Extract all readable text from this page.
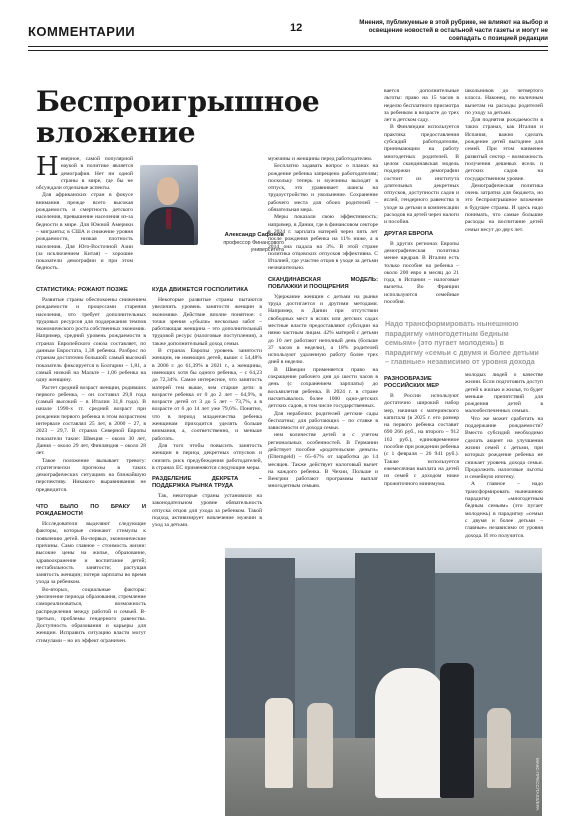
КОММЕНТАРИИ	12	Мнения, публикуемые в этой рубрике, не влияют на выбор и освещение новостей в остальной части газеты и могут не совпадать с позицией редакции
Беспроигрышное вложение
Н еверное, самой популярной наукой в политике является демография. Нет ни одной страны в мире, где бы не обсуждали отдельные аспекты.

Для африканских стран в фокусе внимания прежде всего высокая рождаемость и смертность детского населения, превышение населения из-за бедности в мире. Для Южной Америки – мигранты; в США и снижение уровня рождаемости, низкая плотность населения. Для Юго-Восточной Азии (за исключением Китая) – хорошие показатели демографии и при этом бедность.

Александр Сафонов
профессор Финансового университета
СТАТИСТИКА: РОЖАЮТ ПОЗЖЕ

Развитые страны обеспокоены снижением рождаемости и процессами старения населения, что требует дополнительных трудовых ресурсов для поддержания темпов экономического роста собственных экономик. Например, средний уровень рождаемости в странах Европейского союза составляет, по данным Евростата, 1,38 ребенка. Разброс по странам достаточно большой: самый высокий показатель фиксируется в Болгарии – 1,81, а самый низкий на Мальте – 1,06 ребенка на одну женщину.

Растет средний возраст женщин, родивших первого ребенка, – он составил 29,8 года (самый высокий – в Италии 31,8 года). В начале 1990-х гг. средний возраст при рождении первого ребенка в этом возрастном интервале составлял 25 лет, в 2000 – 27, в 2023 – 29,7. В странах Северной Европы показатели такие: Швеция – около 30 лет, Дания – около 29 лет, Финляндия – около 28 лет.

Такое положение вызывает тревогу: стратегически прогнозы в таких демографических ситуациях на ближайшую перспективу. Никакого выравнивания не предвидится.

ЧТО БЫЛО ПО БРАКУ И РОЖДАЕМОСТИ

Исследователи выделяют следующие факторы, которые снижают стимулы к появлению детей. Во-первых, экономические причины. Само главное – стоимость жизни: высокие цены на жилье, образование, здравоохранение и воспитание детей; нестабильность занятости; растущая занятость женщин; потеря зарплаты во время ухода за ребенком.

Во-вторых, социальные факторы: увеличение периода образования, стремление самореализоваться, возможность распределения между работой и семьей. В-третьих, проблемы гендерного равенства. Доступность образования и карьеры для женщин. Исправить ситуацию власти могут стимулами – но их эффект ограничен.

КУДА ДВИЖЕТСЯ ГОСПОЛИТИКА

Некоторые развитые страны пытаются увеличить уровень занятости женщин в экономике. Действие вполне понятное: с точки зрения «убыли» несколько забот – работающая женщина – это дополнительный трудовой ресурс (налоговые поступления), а также дополнительный доход семьи.

В странах Европы уровень занятости женщин, не имеющих детей, выше: с 54,48% в 2006 г. до 61,39% в 2021 г., а женщины, имеющих хотя бы одного ребенка, – с 64,23 до 72,34%. Самое интересное, что занятость матерей тем выше, чем старше дети: в возрасте ребенка от 0 до 2 лет – 64,9%, в возрасте детей от 3 до 5 лет – 73,7%, а в возрасте от 6 до 14 лет уже 79,6%. Понятно, что в период младенчества ребенка женщинам приходится уделять больше внимания, а, соответственно, и меньше работать.

Для того чтобы повысить занятость женщин в период декретных отпусков и снизить риск предубеждения работодателей, в странах ЕС применяются следующие меры.

РАЗДЕЛЕНИЕ ДЕКРЕТА – ПОДДЕРЖКА РЫНКА ТРУДА

Так, некоторые страны установили на законодательном уровне обязательность отпуска отцов для ухода за ребенком. Такой подход активизирует вовлечение мужчин в уход за детьми.

мужчины и женщины перед работодателем.

Бесплатно задавать вопрос о планах на рождение ребенка запрещено работодателям; поскольку теперь и мужчины выходят в отпуск, это уравнивает шансы на трудоустройство и увольнение. Сохранение рабочего места для обоих родителей – обязательная мера.

Меры показали свою эффективность: например, в Дании, где в финансовом секторе в 2024 г. зарплата матерей через пять лет после рождения ребенка на 11% ниже, а в 2014 она падала на 3%. В этой стране политика отцовских отпусков эффективна. С Италией, где участие отцов в уходе за детьми незначительно.

СКАНДИНАВСКАЯ МОДЕЛЬ: ПОБЛАЖКИ И ПООЩРЕНИЯ

Удержание женщин с детьми на рынке труда достигается и другими методами. Например, в Дании при отсутствии свободных мест в яслях или детских садах местные власти предоставляют субсидии на няню частным лицам. 42% матерей с детьми до 10 лет работают неполный день (больше 37 часов в неделю), а 18% родителей используют удаленную работу более трех дней в неделю.

В Швеции применяется право на сокращение рабочего дня до шести часов в день (с сохранением зарплаты) до восьмилетия ребенка. В 2024 г. в стране насчитывалось более 1000 одно-детских детских садов, в том числе государственных.

Для нерабочих родителей детские сады бесплатны; для работающих – по ставке в зависимости от дохода семьи.

нем количестве детей и с учетом региональных особенностей. В Германии действует пособие «родительские деньги» (Elterngeld) – 65–67% от заработка до 14 месяцев. Также действует налоговый вычет на каждого ребенка. В Чехии, Польше и Венгрии работают программы выплат многодетным семьям.

вается дополнительные льготы: право на 15 часов в неделю бесплатного присмотра за ребенком в возрасте до трех лет в детском саду.

В Финляндии используется практика предоставления субсидий работодателям, принимающим на работу многодетных родителей. В целом скандинавская модель поддержки демографии состоит из института длительных декретных отпусков, доступности садов и яслей, гендерного равенства в уходе за детьми и компенсации расходов на детей через налоги и пособия.

ДРУГАЯ ЕВРОПА

В других регионах Европы демографическая политика менее щедрая. В Италии есть только пособие на ребенка – около 200 евро в месяц до 21 года, в Испании – налоговые вычеты. Во Франции используются семейные пособия.

школьников до четвертого класса. Наконец, по наличным вычетам на расходы родителей по уходу за детьми.

Для поднятия рождаемости в таких странах, как Италия и Испания, важно сделать рождение детей выгоднее для семей. При этом наименее развитый сектор – возможность получения дешевых ясель и детских садов на государственном уровне.

Демографическая политика очень затратна для бюджета, но это беспроигрышное вложение в будущее страны. И здесь надо понимать, что самые большие расходы на воспитание детей семьи несут до двух лет.

Надо трансформировать нынешнюю парадигму «многодетным бедным семьям» (это пугает молодежь) в парадигму «семьи с двумя и более детьми – главные» независимо от уровня дохода
РАЗНООБРАЗИЕ РОССИЙСКИХ МЕР

В России используют достаточно широкий набор мер, начиная с материнского капитала (в 2025 г. его размер на первого ребенка составит 690 266 руб., на второго – 912 162 руб.), единовременное пособие при рождении ребенка (с 1 февраля – 26 941 руб.). Также используется ежемесячная выплата на детей из семей с доходом ниже прожиточного минимума.

молодых людей о качестве жизни. Если подготовить доступ детей к жилью и жилья, то будет меньше препятствий для рождения детей в малообеспеченных семьях.

Что же может сработать на поддержание рождаемости? Вместо субсидий необходимо сделать акцент на улучшения жизни семей с детьми, при которых рождение ребенка не снижает уровень дохода семьи. Продолжить налоговые льготы и семейную ипотеку.

А главное – надо трансформировать нынешнюю парадигму «многодетным бедным семьям» (это пугает молодежь) в парадигму «семьи с двумя и более детьми – главные» независимо от уровня дохода. И это получится.

МАКС-ПРЕСС/TASS/EPA
